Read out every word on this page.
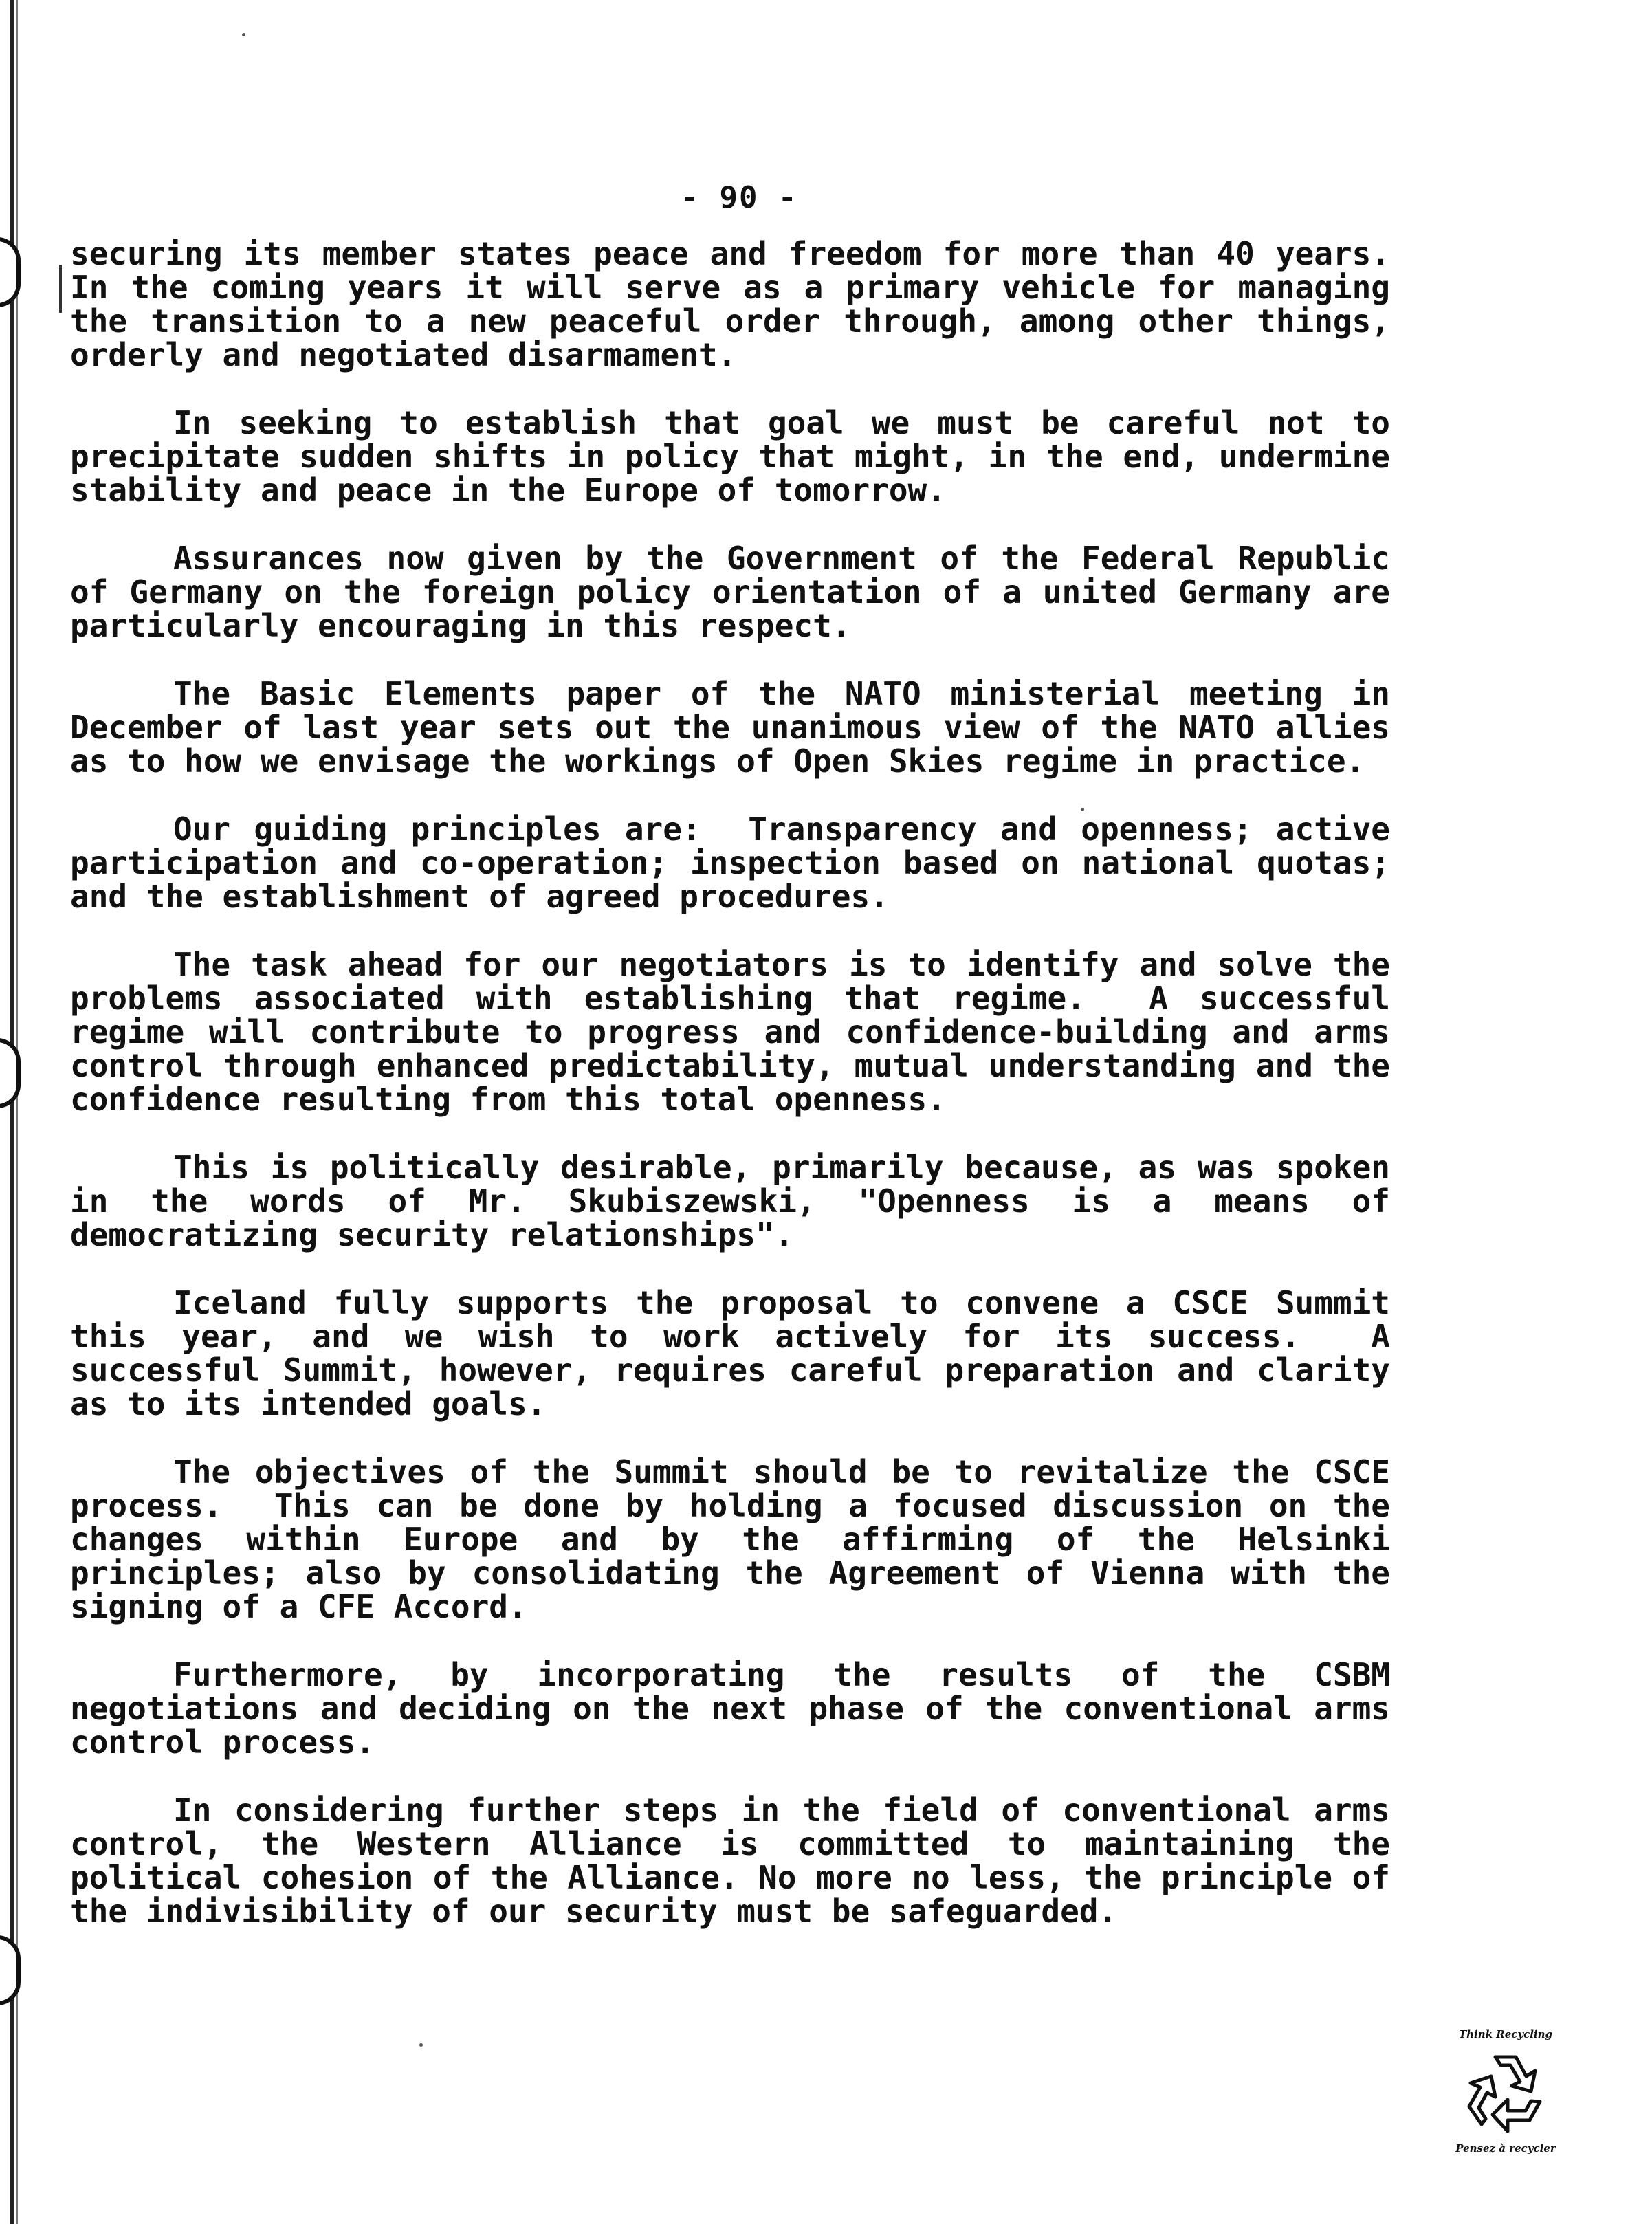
- 90 -

securing its member states peace and freedom for more than 40 years.  In the coming years it will serve as a primary vehicle for managing the transition to a new peaceful order through, among other things, orderly and negotiated disarmament.

In seeking to establish that goal we must be careful not to precipitate sudden shifts in policy that might, in the end, undermine stability and peace in the Europe of tomorrow.

Assurances now given by the Government of the Federal Republic of Germany on the foreign policy orientation of a united Germany are particularly encouraging in this respect.

The Basic Elements paper of the NATO ministerial meeting in December of last year sets out the unanimous view of the NATO allies as to how we envisage the workings of Open Skies regime in practice.

Our guiding principles are:  Transparency and openness; active participation and co-operation; inspection based on national quotas; and the establishment of agreed procedures.

The task ahead for our negotiators is to identify and solve the problems associated with establishing that regime.  A successful regime will contribute to progress and confidence-building and arms control through enhanced predictability, mutual understanding and the confidence resulting from this total openness.

This is politically desirable, primarily because, as was spoken in the words of Mr. Skubiszewski, "Openness is a means of democratizing security relationships".

Iceland fully supports the proposal to convene a CSCE Summit this year, and we wish to work actively for its success.  A successful Summit, however, requires careful preparation and clarity as to its intended goals.

The objectives of the Summit should be to revitalize the CSCE process.  This can be done by holding a focused discussion on the changes within Europe and by the affirming of the Helsinki principles; also by consolidating the Agreement of Vienna with the signing of a CFE Accord.

Furthermore, by incorporating the results of the CSBM negotiations and deciding on the next phase of the conventional arms control process.

In considering further steps in the field of conventional arms control, the Western Alliance is committed to maintaining the political cohesion of the Alliance. No more no less, the principle of the indivisibility of our security must be safeguarded.

Think Recycling
Pensez à recycler
